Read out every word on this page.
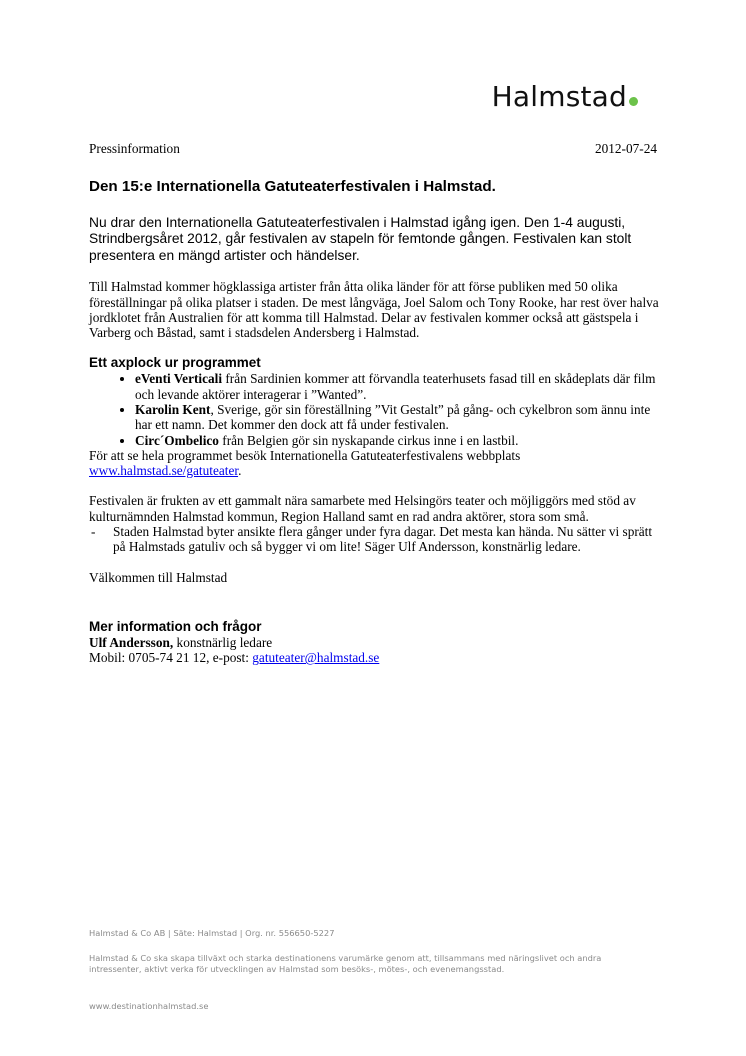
Halmstad
Pressinformation	2012-07-24
Den 15:e Internationella Gatuteaterfestivalen i Halmstad.

Nu drar den Internationella Gatuteaterfestivalen i Halmstad igång igen. Den 1-4 augusti, Strindbergsåret 2012, går festivalen av stapeln för femtonde gången. Festivalen kan stolt presentera en mängd artister och händelser.

Till Halmstad kommer högklassiga artister från åtta olika länder för att förse publiken med 50 olika föreställningar på olika platser i staden. De mest långväga, Joel Salom och Tony Rooke, har rest över halva jordklotet från Australien för att komma till Halmstad. Delar av festivalen kommer också att gästspela i Varberg och Båstad, samt i stadsdelen Andersberg i Halmstad.

Ett axplock ur programmet
• eVenti Verticali från Sardinien kommer att förvandla teaterhusets fasad till en skådeplats där film och levande aktörer interagerar i ”Wanted”.
• Karolin Kent, Sverige, gör sin föreställning ”Vit Gestalt” på gång- och cykelbron som ännu inte har ett namn. Det kommer den dock att få under festivalen.
• Circ´Ombelico från Belgien gör sin nyskapande cirkus inne i en lastbil.

För att se hela programmet besök Internationella Gatuteaterfestivalens webbplats
www.halmstad.se/gatuteater.

Festivalen är frukten av ett gammalt nära samarbete med Helsingörs teater och möjliggörs med stöd av kulturnämnden Halmstad kommun, Region Halland samt en rad andra aktörer, stora som små.

- Staden Halmstad byter ansikte flera gånger under fyra dagar. Det mesta kan hända. Nu sätter vi sprätt på Halmstads gatuliv och så bygger vi om lite! Säger Ulf Andersson, konstnärlig ledare.

Välkommen till Halmstad

Mer information och frågor
Ulf Andersson, konstnärlig ledare
Mobil: 0705-74 21 12, e-post: gatuteater@halmstad.se
Halmstad & Co AB | Säte: Halmstad | Org. nr. 556650-5227
Halmstad & Co ska skapa tillväxt och starka destinationens varumärke genom att, tillsammans med näringslivet och andra intressenter, aktivt verka för utvecklingen av Halmstad som besöks-, mötes-, och evenemangsstad.
www.destinationhalmstad.se
